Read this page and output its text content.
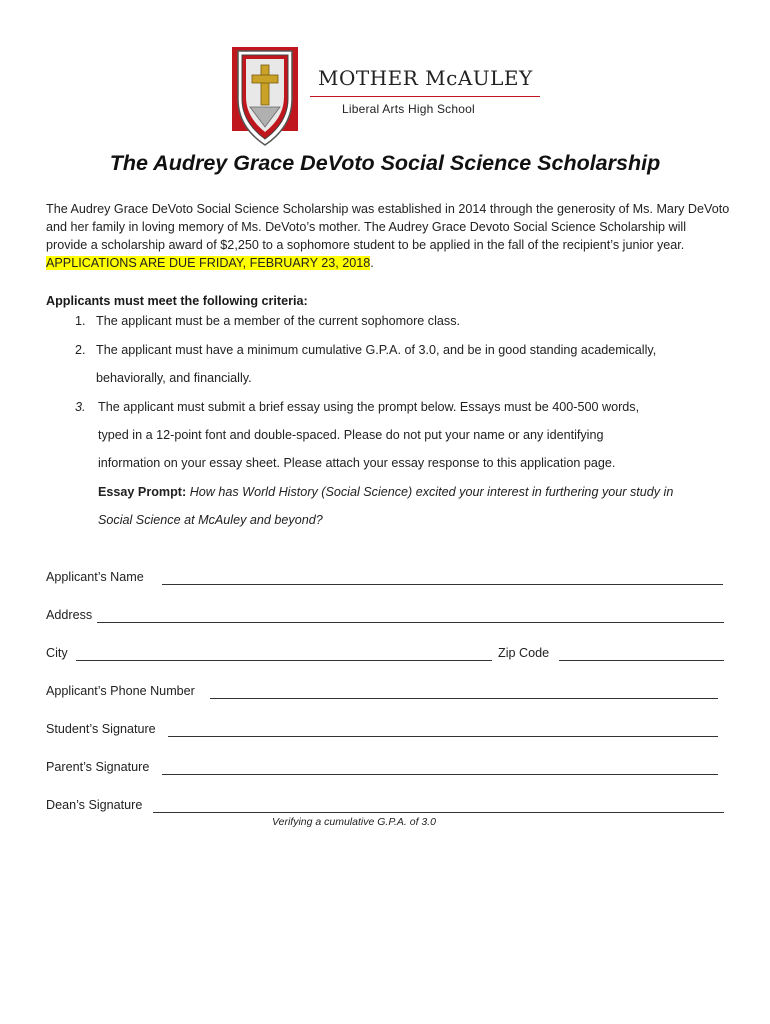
MOTHER McAULEY
Liberal Arts High School
The Audrey Grace DeVoto Social Science Scholarship
The Audrey Grace DeVoto Social Science Scholarship was established in 2014 through the generosity of Ms. Mary DeVoto and her family in loving memory of Ms. DeVoto’s mother. The Audrey Grace Devoto Social Science Scholarship will provide a scholarship award of $2,250 to a sophomore student to be applied in the fall of the recipient’s junior year. APPLICATIONS ARE DUE FRIDAY, FEBRUARY 23, 2018.
Applicants must meet the following criteria:
1. The applicant must be a member of the current sophomore class.
2. The applicant must have a minimum cumulative G.P.A. of 3.0, and be in good standing academically,
behaviorally, and financially.
3. The applicant must submit a brief essay using the prompt below. Essays must be 400-500 words,
typed in a 12-point font and double-spaced. Please do not put your name or any identifying
information on your essay sheet. Please attach your essay response to this application page.
Essay Prompt: How has World History (Social Science) excited your interest in furthering your study in
Social Science at McAuley and beyond?
Applicant’s Name
Address
City	Zip Code
Applicant’s Phone Number
Student’s Signature
Parent’s Signature
Dean’s Signature
Verifying a cumulative G.P.A. of 3.0
